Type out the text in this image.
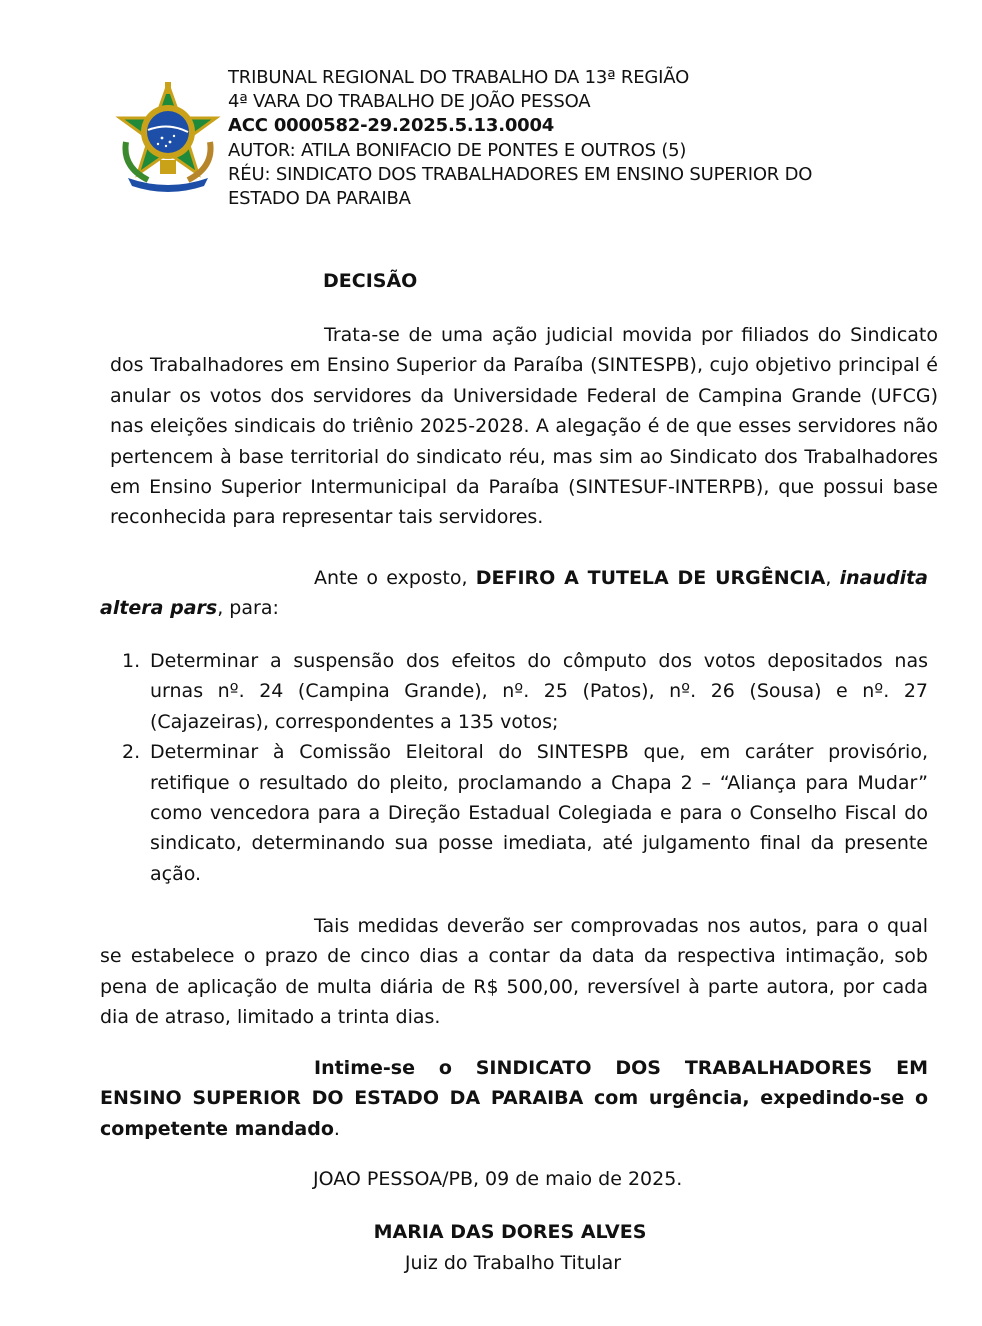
TRIBUNAL REGIONAL DO TRABALHO DA 13ª REGIÃO
4ª VARA DO TRABALHO DE JOÃO PESSOA
ACC 0000582-29.2025.5.13.0004
AUTOR: ATILA BONIFACIO DE PONTES E OUTROS (5)
RÉU: SINDICATO DOS TRABALHADORES EM ENSINO SUPERIOR DO
ESTADO DA PARAIBA
DECISÃO
Trata-se de uma ação judicial movida por filiados do Sindicato dos Trabalhadores em Ensino Superior da Paraíba (SINTESPB), cujo objetivo principal é anular os votos dos servidores da Universidade Federal de Campina Grande (UFCG) nas eleições sindicais do triênio 2025-2028. A alegação é de que esses servidores não pertencem à base territorial do sindicato réu, mas sim ao Sindicato dos Trabalhadores em Ensino Superior Intermunicipal da Paraíba (SINTESUF-INTERPB), que possui base reconhecida para representar tais servidores.
Ante o exposto, DEFIRO A TUTELA DE URGÊNCIA, inaudita altera pars, para:
1. Determinar a suspensão dos efeitos do cômputo dos votos depositados nas urnas nº. 24 (Campina Grande), nº. 25 (Patos), nº. 26 (Sousa) e nº. 27 (Cajazeiras), correspondentes a 135 votos;
2. Determinar à Comissão Eleitoral do SINTESPB que, em caráter provisório, retifique o resultado do pleito, proclamando a Chapa 2 – “Aliança para Mudar” como vencedora para a Direção Estadual Colegiada e para o Conselho Fiscal do sindicato, determinando sua posse imediata, até julgamento final da presente ação.
Tais medidas deverão ser comprovadas nos autos, para o qual se estabelece o prazo de cinco dias a contar da data da respectiva intimação, sob pena de aplicação de multa diária de R$ 500,00, reversível à parte autora, por cada dia de atraso, limitado a trinta dias.
Intime-se o SINDICATO DOS TRABALHADORES EM ENSINO SUPERIOR DO ESTADO DA PARAIBA com urgência, expedindo-se o competente mandado.
JOAO PESSOA/PB, 09 de maio de 2025.
MARIA DAS DORES ALVES
Juiz do Trabalho Titular
